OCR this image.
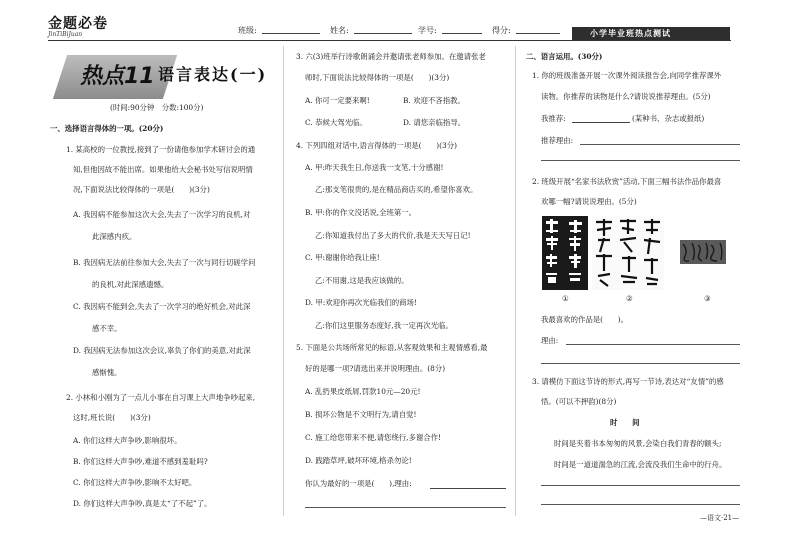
金题必卷
JinTiBiJuan	班级:	姓名:	学号:	得分:	小学毕业班热点测试
热点11 语言表达(一)
(时间:90分钟　分数:100分)
一、选择语言得体的一项。(20分)
1. 某高校的一位教授,接到了一份请他参加学术研讨会的通
知,但他因故不能出席。如果他给大会秘书处写信说明情
况,下面说法比较得体的一项是(　　)(3分)
A. 我因病不能参加这次大会,失去了一次学习的良机,对
此深感内疚。
B. 我因病无法前往参加大会,失去了一次与同行切磋学问
的良机,对此深感遗憾。
C. 我因病不能到会,失去了一次学习的绝好机会,对此深
感不幸。
D. 我因病无法参加这次会议,辜负了你们的美意,对此深
感惭愧。
2. 小林和小刚为了一点儿小事在自习课上大声地争吵起来,
这时,班长说(　　)(3分)
A. 你们这样大声争吵,影响很坏。
B. 你们这样大声争吵,难道不感到羞耻吗?
C. 你们这样大声争吵,影响不太好吧。
D. 你们这样大声争吵,真是太“了不起”了。
3. 六(3)班举行诗歌朗诵会并邀请张老师参加。在邀请张老
师时,下面说法比较得体的一项是(　　)(3分)
A. 你可一定要来啊!	B. 欢迎不吝指教。
C. 恭候大驾光临。	D. 请您亲临指导。
4. 下列四组对话中,语言得体的一项是(　　)(3分)
A. 甲:昨天我生日,你送我一支笔,十分感谢!
乙:那支笔很贵的,是在精品商店买的,希望你喜欢。
B. 甲:你的作文没话说,全班第一。
乙:你知道我付出了多大的代价,我是天天写日记!
C. 甲:谢谢你给我让座!
乙:不用谢,这是我应该做的。
D. 甲:欢迎你再次光临我们的商场!
乙:你们这里服务态度好,我一定再次光临。
5. 下面是公共场所常见的标语,从客观效果和主观情感看,最
好的是哪一项?请选出来并说明理由。(8分)
A. 乱扔果皮纸屑,罚款10元—20元!
B. 损坏公物是不文明行为,请自觉!
C. 施工给您带来不便,请您绕行,多谢合作!
D. 践踏草坪,破坏环境,格杀勿论!
你认为最好的一项是(　　),理由:
二、语言运用。(30分)
1. 你的班级准备开展一次课外阅读报告会,向同学推荐课外
读物。你推荐的读物是什么?请说说推荐理由。(5分)
我推荐:	(某种书、杂志或报纸)
推荐理由:
2. 班级开展“名家书法欣赏”活动,下面三幅书法作品你最喜
欢哪一幅?请说说理由。(5分)
①	②	③
我最喜欢的作品是(　　)。
理由:
3. 请模仿下面这节诗的形式,再写一节诗,表达对“友情”的感
悟。(可以不押韵)(8分)
时　　间
时间是夹着书本匆匆的风景,会染白我们青春的额头;
时间是一道道湍急的江流,会流没我们生命中的行舟。
—语文·21—
